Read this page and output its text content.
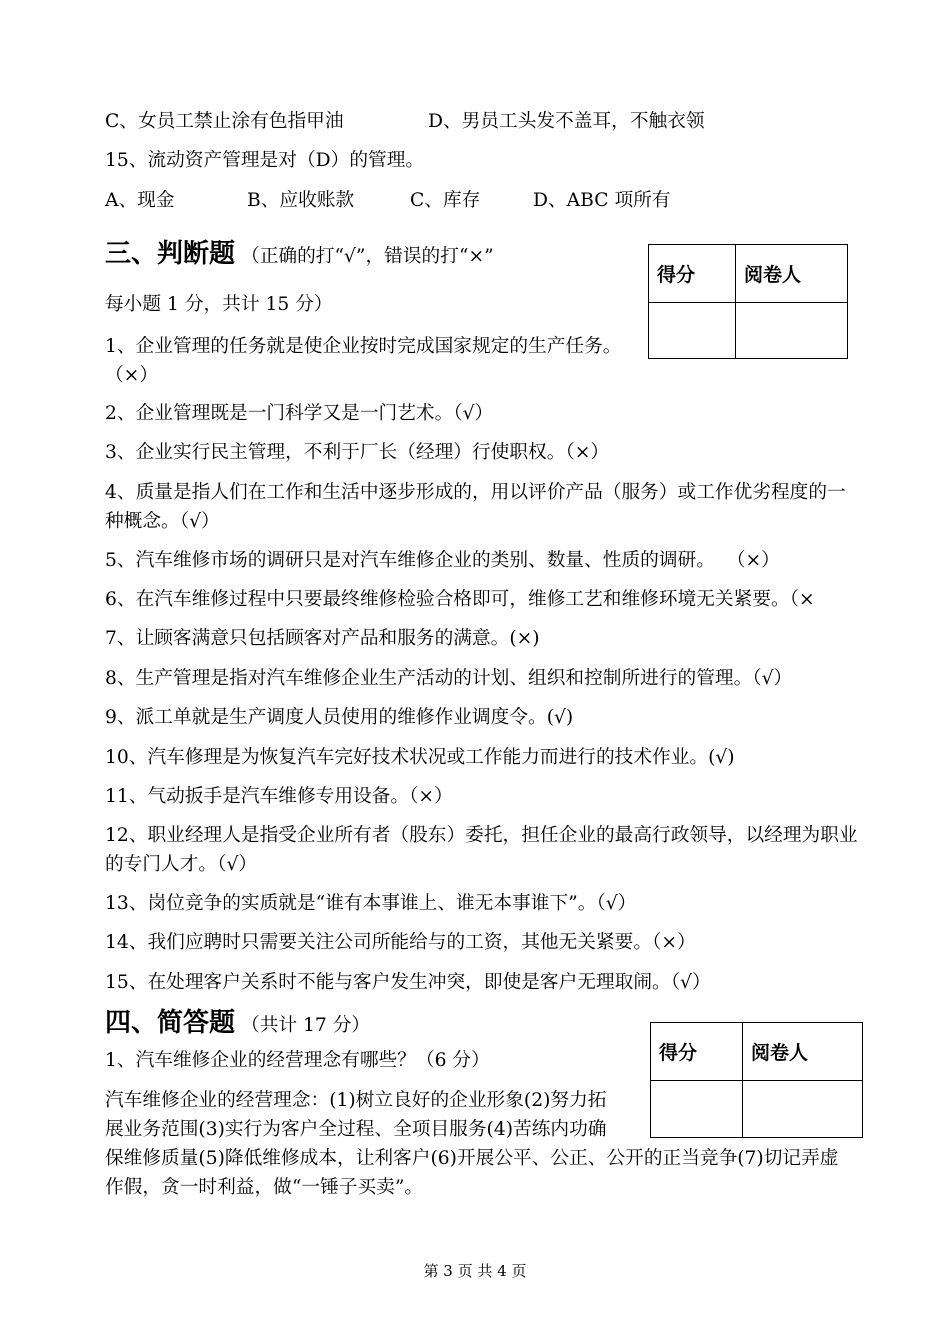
C、女员工禁止涂有色指甲油	D、男员工头发不盖耳，不触衣领
15、流动资产管理是对（D）的管理。
A、现金	B、应收账款	C、库存	D、ABC 项所有
三、判断题 （正确的打“√”，错误的打“×”
每小题 1 分，共计 15 分）
得分	阅卷人

1、企业管理的任务就是使企业按时完成国家规定的生产任务。
（×）
2、企业管理既是一门科学又是一门艺术。（√）
3、企业实行民主管理，不利于厂长（经理）行使职权。（×）
4、质量是指人们在工作和生活中逐步形成的，用以评价产品（服务）或工作优劣程度的一
种概念。（√）
5、汽车维修市场的调研只是对汽车维修企业的类别、数量、性质的调研。  （×）
6、在汽车维修过程中只要最终维修检验合格即可，维修工艺和维修环境无关紧要。（×
7、让顾客满意只包括顾客对产品和服务的满意。(×)
8、生产管理是指对汽车维修企业生产活动的计划、组织和控制所进行的管理。（√）
9、派工单就是生产调度人员使用的维修作业调度令。(√)
10、汽车修理是为恢复汽车完好技术状况或工作能力而进行的技术作业。(√)
11、气动扳手是汽车维修专用设备。（×）
12、职业经理人是指受企业所有者（股东）委托，担任企业的最高行政领导，以经理为职业
的专门人才。（√）
13、岗位竞争的实质就是“谁有本事谁上、谁无本事谁下”。（√）
14、我们应聘时只需要关注公司所能给与的工资，其他无关紧要。（×）
15、在处理客户关系时不能与客户发生冲突，即使是客户无理取闹。（√）
四、简答题 （共计 17 分）
得分	阅卷人

1、汽车维修企业的经营理念有哪些？（6 分）
汽车维修企业的经营理念：(1)树立良好的企业形象(2)努力拓
展业务范围(3)实行为客户全过程、全项目服务(4)苦练内功确
保维修质量(5)降低维修成本，让利客户(6)开展公平、公正、公开的正当竞争(7)切记弄虚
作假，贪一时利益，做“一锤子买卖”。
第 3 页 共 4 页
